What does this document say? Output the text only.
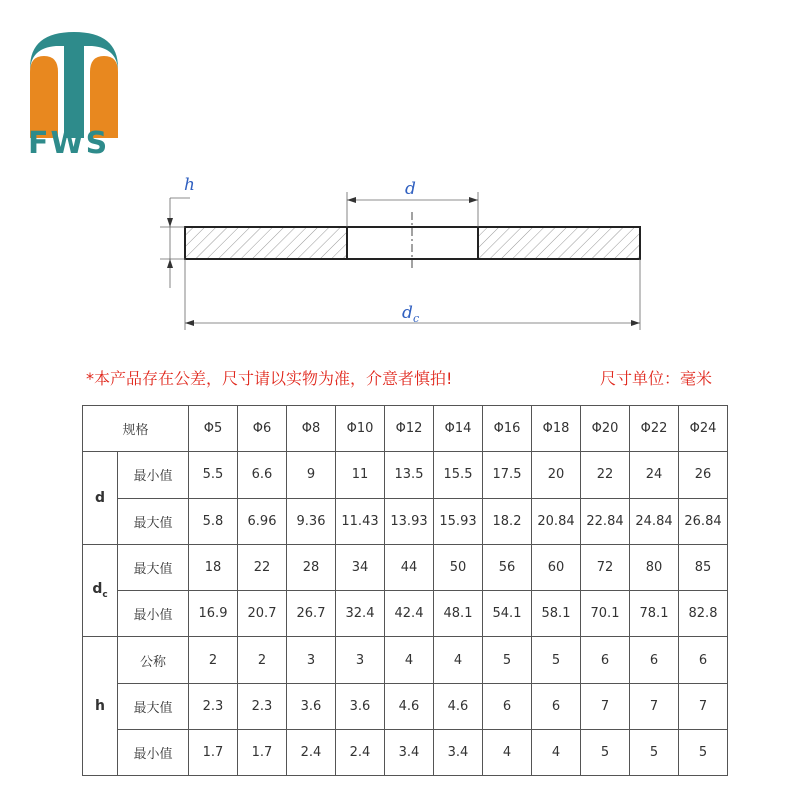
FWS
h	d
d c
*本产品存在公差，尺寸请以实物为准，介意者慎拍!	尺寸单位：毫米
规格		Φ5	Φ6	Φ8	Φ10	Φ12	Φ14	Φ16	Φ18	Φ20	Φ22	Φ24
d	最小值	5.5	6.6	9	11	13.5	15.5	17.5	20	22	24	26
	最大值	5.8	6.96	9.36	11.43	13.93	15.93	18.2	20.84	22.84	24.84	26.84
$d_c$	最大值	18	22	28	34	44	50	56	60	72	80	85
	最小值	16.9	20.7	26.7	32.4	42.4	48.1	54.1	58.1	70.1	78.1	82.8
h	公称	2	2	3	3	4	4	5	5	6	6	6
	最大值	2.3	2.3	3.6	3.6	4.6	4.6	6	6	7	7	7
	最小值	1.7	1.7	2.4	2.4	3.4	3.4	4	4	5	5	5
